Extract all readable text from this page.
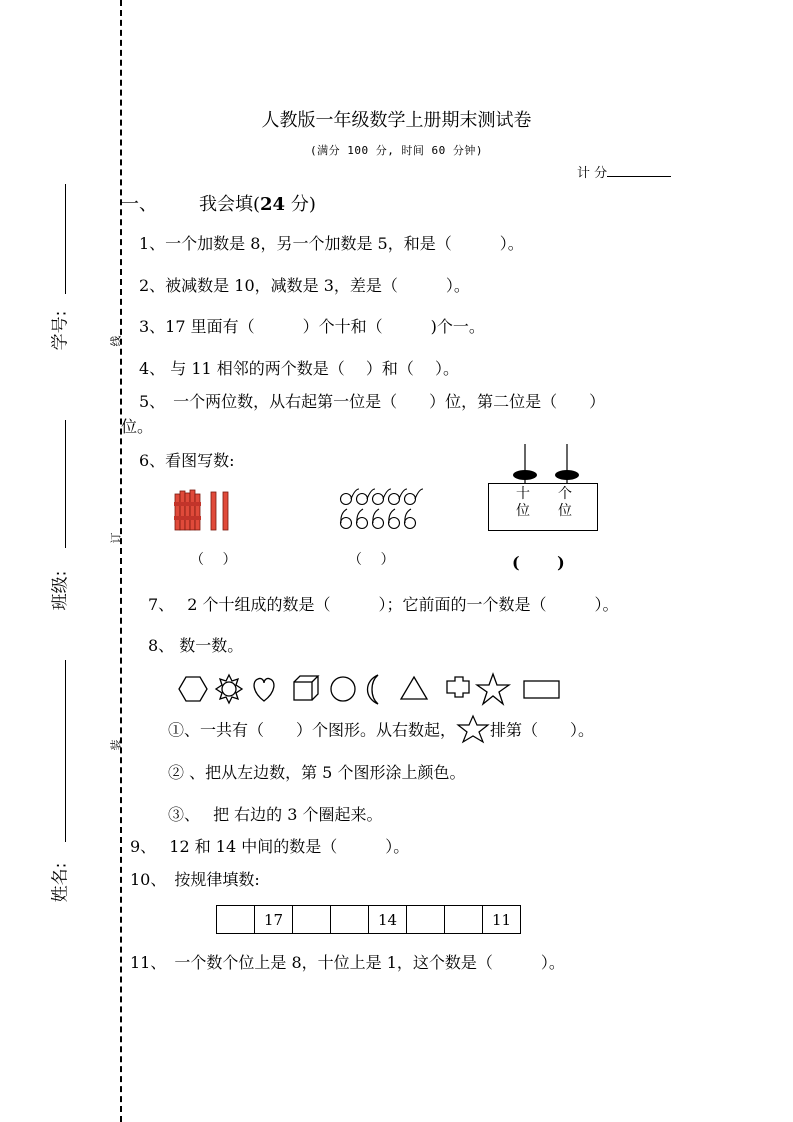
学号:
班级:
姓名:
线
订
装
人教版一年级数学上册期末测试卷
(满分 100 分, 时间 60 分钟)
计 分
一、 我会填(24 分)
1、一个加数是 8，另一个加数是 5，和是（　　　）。
2、被减数是 10，减数是 3，差是（　　　）。
3、17 里面有（　　　）个十和（　　　)个一。
4、 与 11 相邻的两个数是（　 ）和（　 ）。
5、　一个两位数，从右起第一位是（　　）位，第二位是（　　）
位。
6、看图写数:
十
位
个
位
（　 ）	（　 ）	(　　 )
7、　 2 个十组成的数是（　　　）；它前面的一个数是（　　　）。
8、 数一数。
①、一共有（　　）个图形。从右数起， 排第（　　）。
② 、把从左边数，第 5 个图形涂上颜色。
③、　 把 右边的 3 个圈起来。
9、　 12 和 14 中间的数是（　　　）。
10、　按规律填数:
	17			14			11
11、　一个数个位上是 8，十位上是 1，这个数是（　　　）。
